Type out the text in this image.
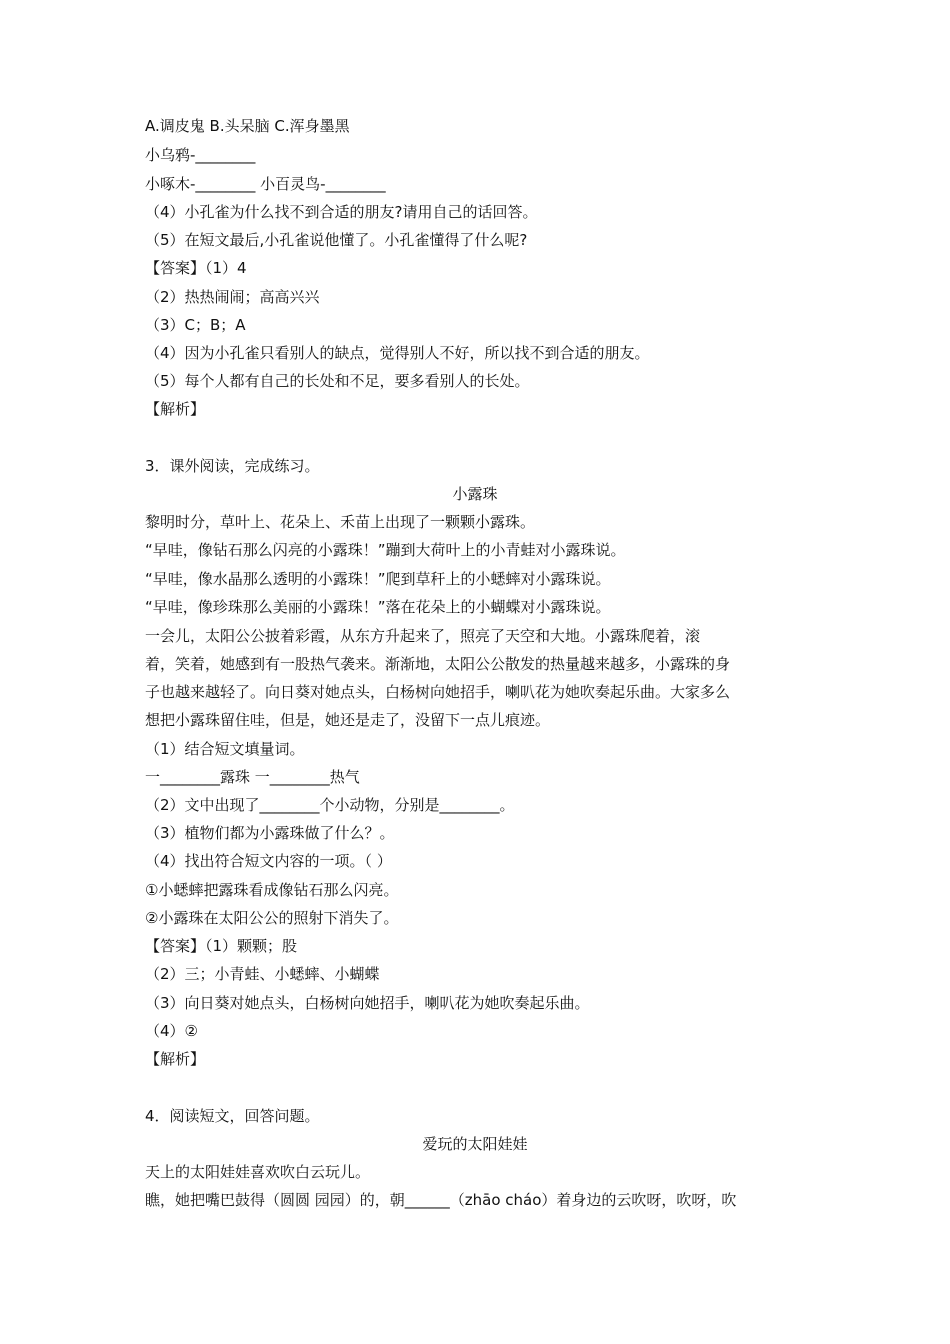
A.调皮鬼 B.头呆脑 C.浑身墨黑
小乌鸦-________
小啄木-________ 小百灵鸟-________
（4）小孔雀为什么找不到合适的朋友?请用自己的话回答。
（5）在短文最后,小孔雀说他懂了。小孔雀懂得了什么呢?
【答案】（1）4
（2）热热闹闹；高高兴兴
（3）C；B；A
（4）因为小孔雀只看别人的缺点，觉得别人不好，所以找不到合适的朋友。
（5）每个人都有自己的长处和不足，要多看别人的长处。
【解析】
3．课外阅读，完成练习。
小露珠
黎明时分，草叶上、花朵上、禾苗上出现了一颗颗小露珠。
“早哇，像钻石那么闪亮的小露珠！”蹦到大荷叶上的小青蛙对小露珠说。
“早哇，像水晶那么透明的小露珠！”爬到草秆上的小蟋蟀对小露珠说。
“早哇，像珍珠那么美丽的小露珠！”落在花朵上的小蝴蝶对小露珠说。
一会儿，太阳公公披着彩霞，从东方升起来了，照亮了天空和大地。小露珠爬着，滚
着，笑着，她感到有一股热气袭来。渐渐地，太阳公公散发的热量越来越多，小露珠的身
子也越来越轻了。向日葵对她点头，白杨树向她招手，喇叭花为她吹奏起乐曲。大家多么
想把小露珠留住哇，但是，她还是走了，没留下一点儿痕迹。
（1）结合短文填量词。
一________露珠 一________热气
（2）文中出现了________个小动物，分别是________。
（3）植物们都为小露珠做了什么？。
（4）找出符合短文内容的一项。（ ）
①小蟋蟀把露珠看成像钻石那么闪亮。
②小露珠在太阳公公的照射下消失了。
【答案】（1）颗颗；股
（2）三；小青蛙、小蟋蟀、小蝴蝶
（3）向日葵对她点头，白杨树向她招手，喇叭花为她吹奏起乐曲。
（4）②
【解析】
4．阅读短文，回答问题。
爱玩的太阳娃娃
天上的太阳娃娃喜欢吹白云玩儿。
瞧，她把嘴巴鼓得（圆圆 园园）的，朝______（zhāo cháo）着身边的云吹呀，吹呀，吹
